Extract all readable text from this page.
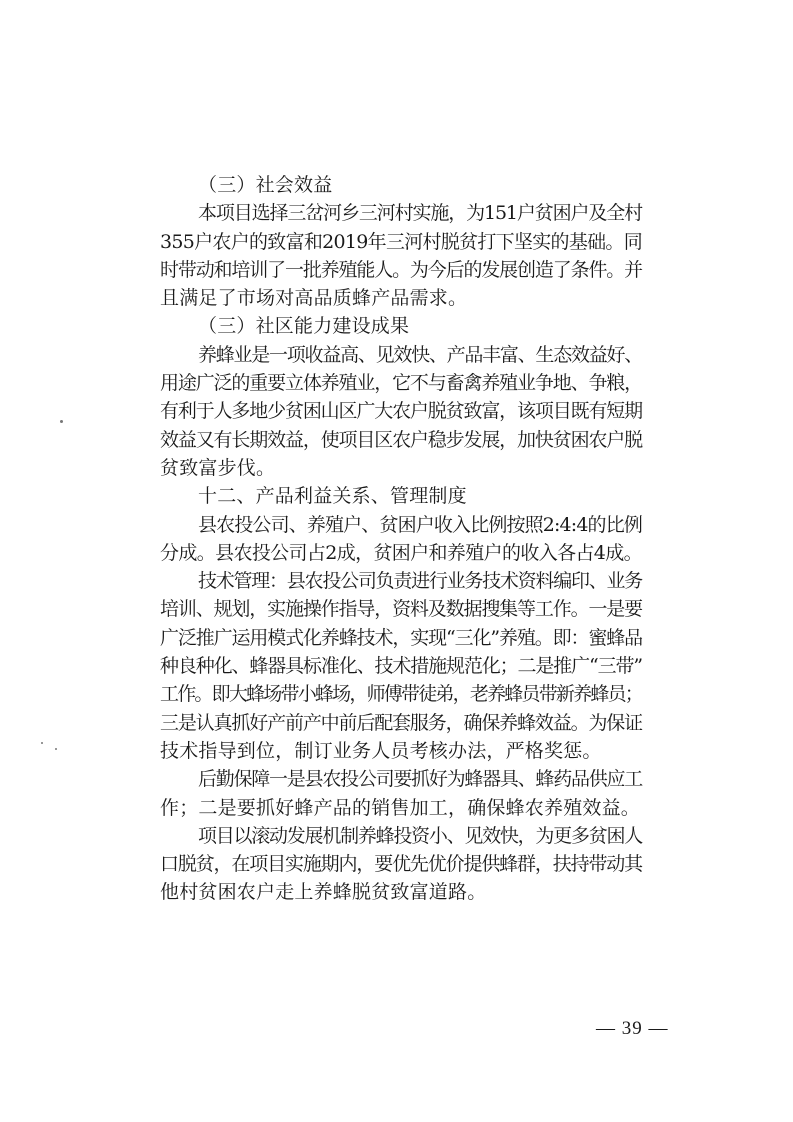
（三）社会效益
本项目选择三岔河乡三河村实施，为151户贫困户及全村
355户农户的致富和2019年三河村脱贫打下坚实的基础。同
时带动和培训了一批养殖能人。为今后的发展创造了条件。并
且满足了市场对高品质蜂产品需求。
（三）社区能力建设成果
养蜂业是一项收益高、见效快、产品丰富、生态效益好、
用途广泛的重要立体养殖业，它不与畜禽养殖业争地、争粮，
有利于人多地少贫困山区广大农户脱贫致富，该项目既有短期
效益又有长期效益，使项目区农户稳步发展，加快贫困农户脱
贫致富步伐。
十二、产品利益关系、管理制度
县农投公司、养殖户、贫困户收入比例按照2:4:4的比例
分成。县农投公司占2成，贫困户和养殖户的收入各占4成。
技术管理：县农投公司负责进行业务技术资料编印、业务
培训、规划，实施操作指导，资料及数据搜集等工作。一是要
广泛推广运用模式化养蜂技术，实现“三化”养殖。即：蜜蜂品
种良种化、蜂器具标准化、技术措施规范化；二是推广“三带”
工作。即大蜂场带小蜂场，师傅带徒弟，老养蜂员带新养蜂员；
三是认真抓好产前产中前后配套服务，确保养蜂效益。为保证
技术指导到位，制订业务人员考核办法，严格奖惩。
后勤保障一是县农投公司要抓好为蜂器具、蜂药品供应工
作；二是要抓好蜂产品的销售加工，确保蜂农养殖效益。
项目以滚动发展机制养蜂投资小、见效快，为更多贫困人
口脱贫，在项目实施期内，要优先优价提供蜂群，扶持带动其
他村贫困农户走上养蜂脱贫致富道路。
— 39 —
